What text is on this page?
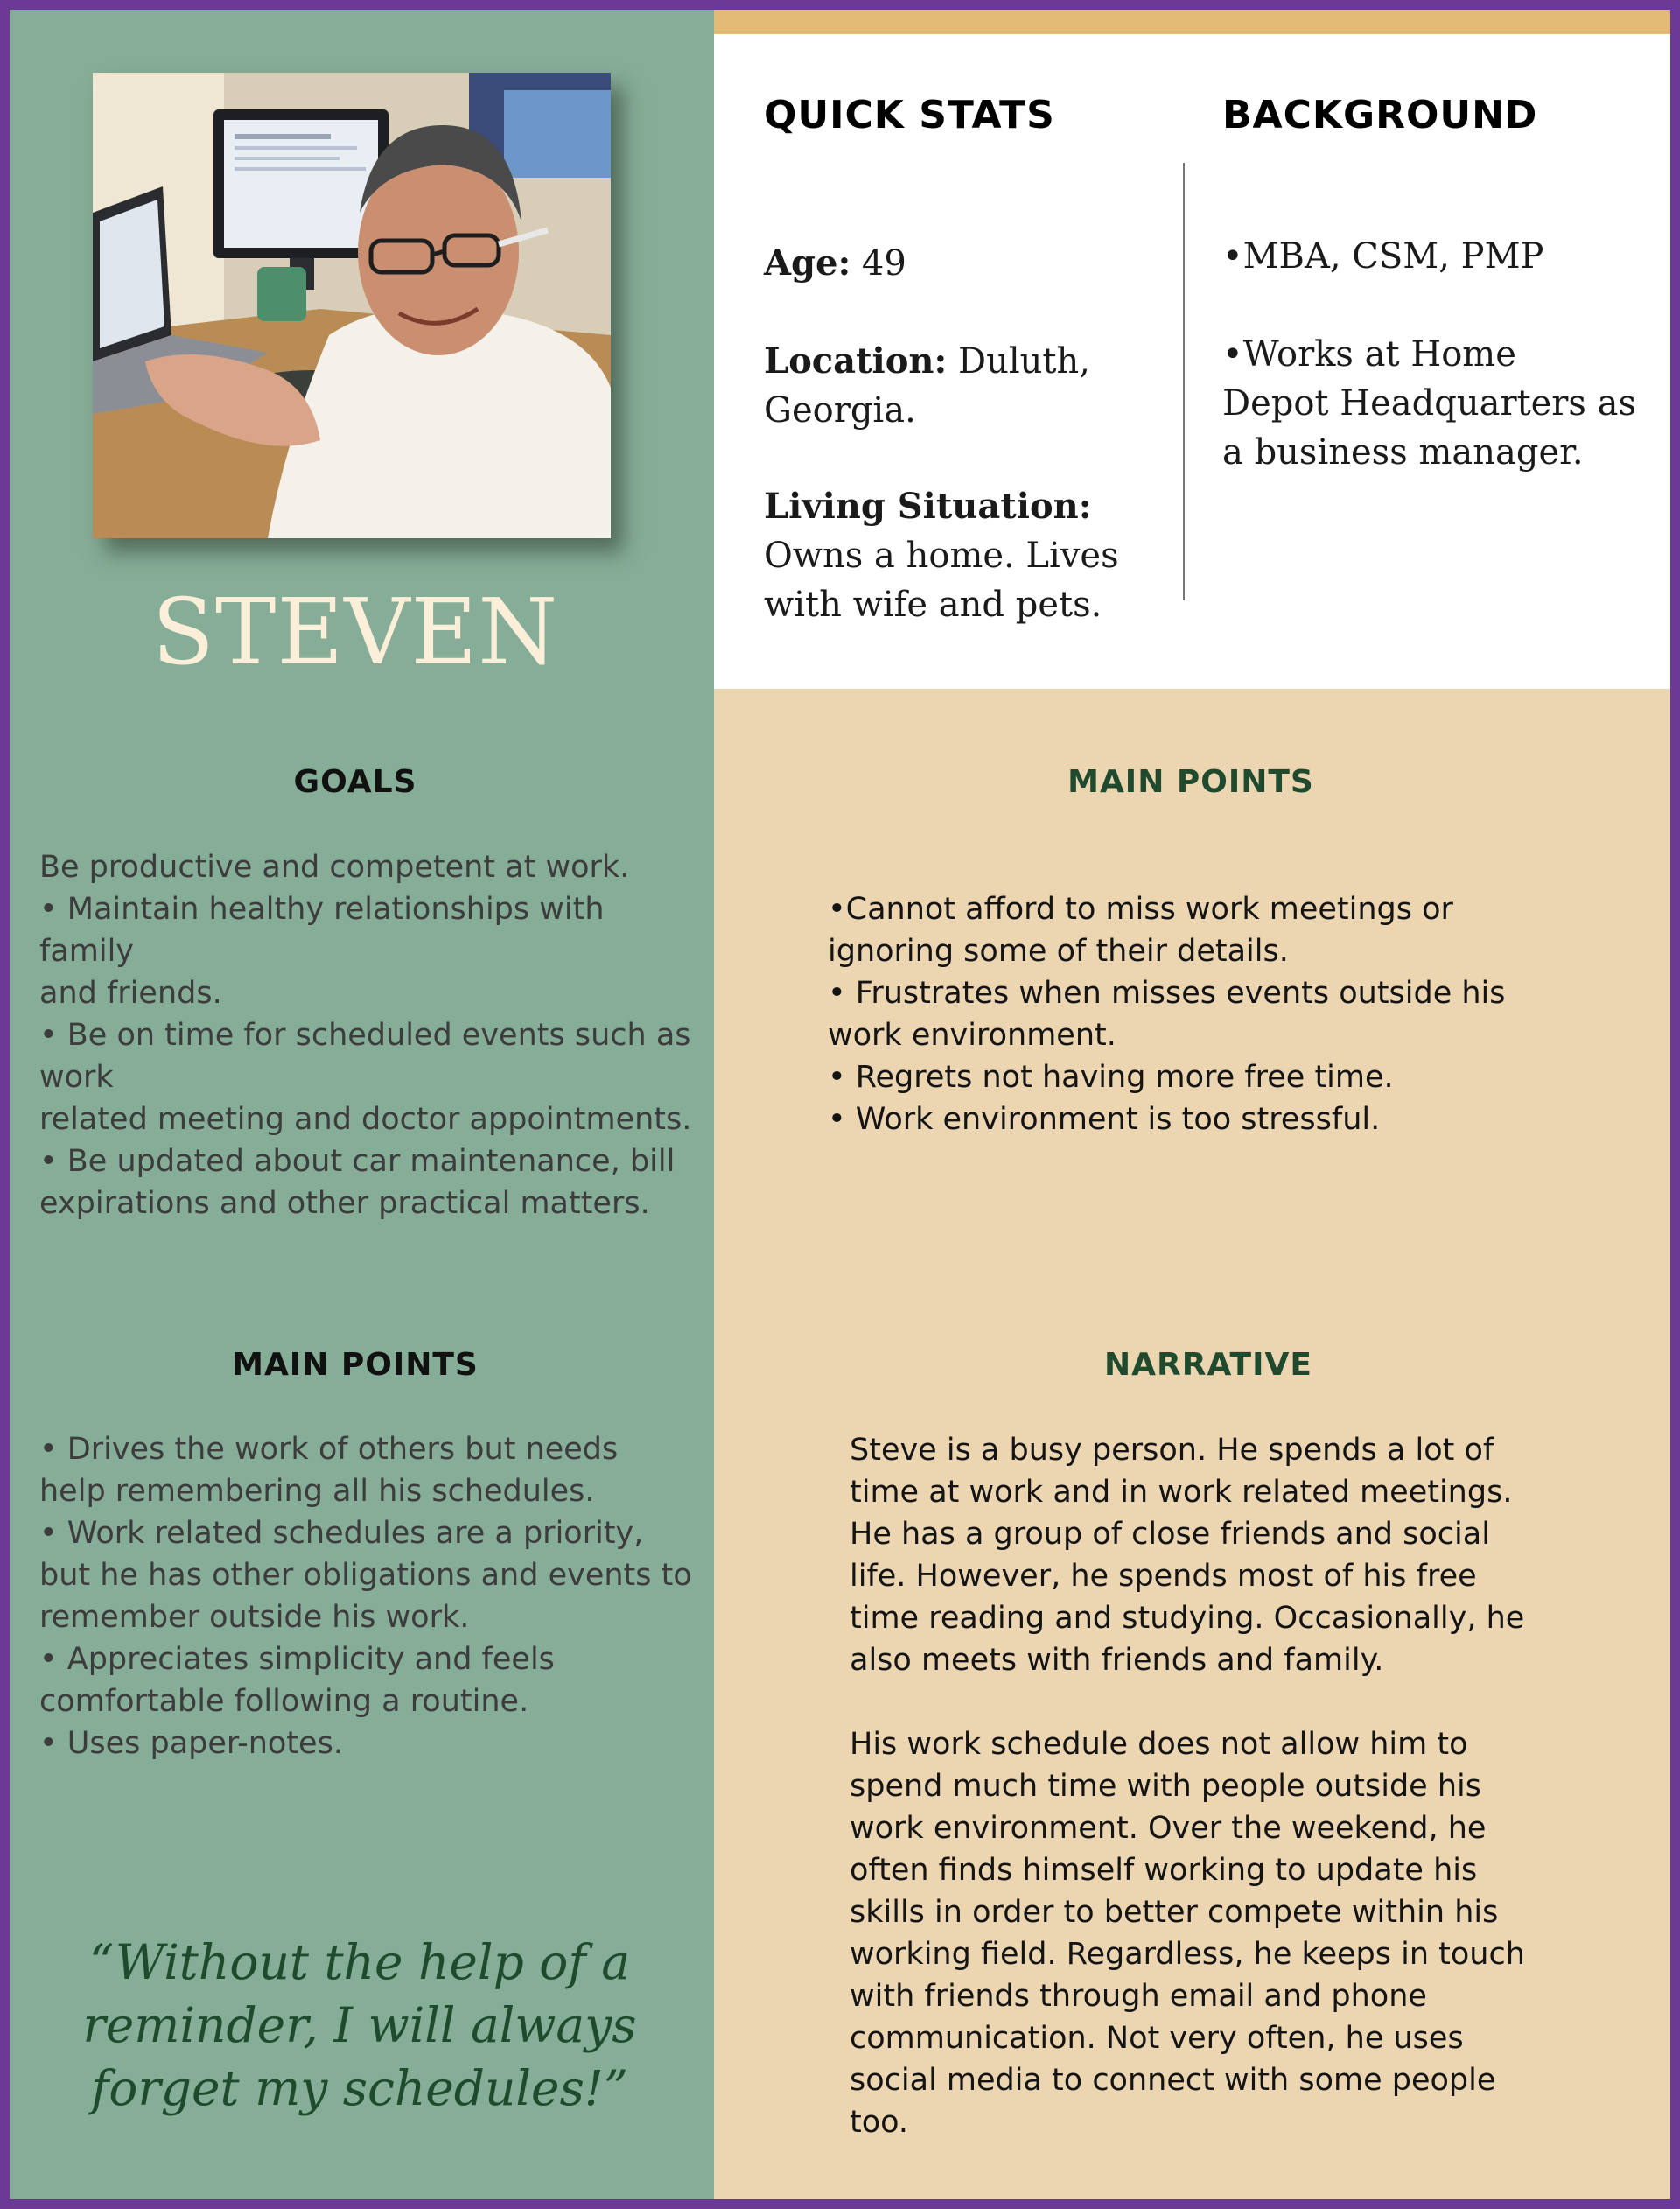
STEVEN
QUICK STATS	BACKGROUND
Age: 49
Location: Duluth,
Georgia.
Living Situation:
Owns a home. Lives
with wife and pets.
•MBA, CSM, PMP
•Works at Home
Depot Headquarters as
a business manager.
GOALS
Be productive and competent at work.
• Maintain healthy relationships with
family
and friends.
• Be on time for scheduled events such as
work
related meeting and doctor appointments.
• Be updated about car maintenance, bill
expirations and other practical matters.
MAIN POINTS
•Cannot afford to miss work meetings or
ignoring some of their details.
• Frustrates when misses events outside his
work environment.
• Regrets not having more free time.
• Work environment is too stressful.
MAIN POINTS
• Drives the work of others but needs
help remembering all his schedules.
• Work related schedules are a priority,
but he has other obligations and events to
remember outside his work.
• Appreciates simplicity and feels
comfortable following a routine.
• Uses paper-notes.
NARRATIVE
Steve is a busy person. He spends a lot of
time at work and in work related meetings.
He has a group of close friends and social
life. However, he spends most of his free
time reading and studying. Occasionally, he
also meets with friends and family.

His work schedule does not allow him to
spend much time with people outside his
work environment. Over the weekend, he
often finds himself working to update his
skills in order to better compete within his
working field. Regardless, he keeps in touch
with friends through email and phone
communication. Not very often, he uses
social media to connect with some people
too.
“Without the help of a
reminder, I will always
forget my schedules!”
